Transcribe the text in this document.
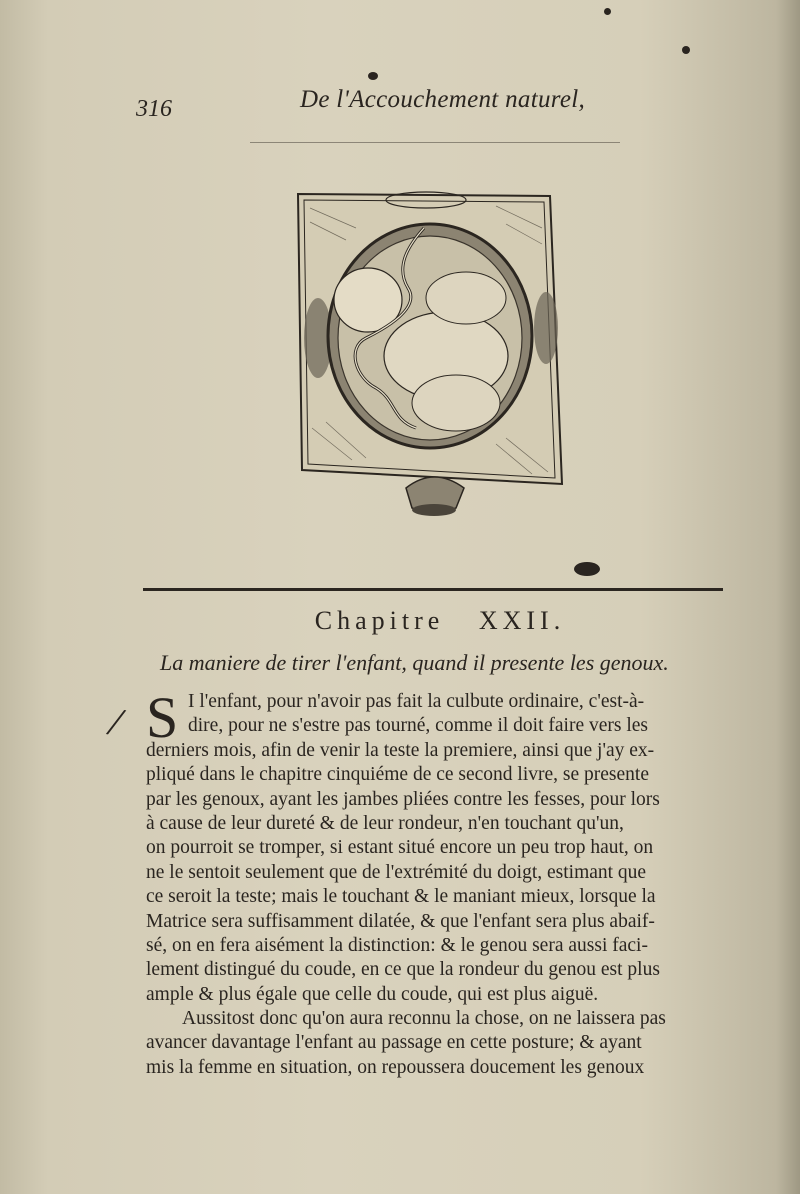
316	De l'Accouchement naturel,
Chapitre XXII.
La maniere de tirer l'enfant, quand il presente les genoux.
/ S I l'enfant, pour n'avoir pas fait la culbute ordinaire, c'est-à-
dire, pour ne s'estre pas tourné, comme il doit faire vers les
derniers mois, afin de venir la teste la premiere, ainsi que j'ay ex-
pliqué dans le chapitre cinquiéme de ce second livre, se presente
par les genoux, ayant les jambes pliées contre les fesses, pour lors
à cause de leur dureté & de leur rondeur, n'en touchant qu'un,
on pourroit se tromper, si estant situé encore un peu trop haut, on
ne le sentoit seulement que de l'extrémité du doigt, estimant que
ce seroit la teste; mais le touchant & le maniant mieux, lorsque la
Matrice sera suffisamment dilatée, & que l'enfant sera plus abaif-
sé, on en fera aisément la distinction: & le genou sera aussi faci-
lement distingué du coude, en ce que la rondeur du genou est plus
ample & plus égale que celle du coude, qui est plus aiguë.
Aussitost donc qu'on aura reconnu la chose, on ne laissera pas
avancer davantage l'enfant au passage en cette posture; & ayant
mis la femme en situation, on repoussera doucement les genoux
